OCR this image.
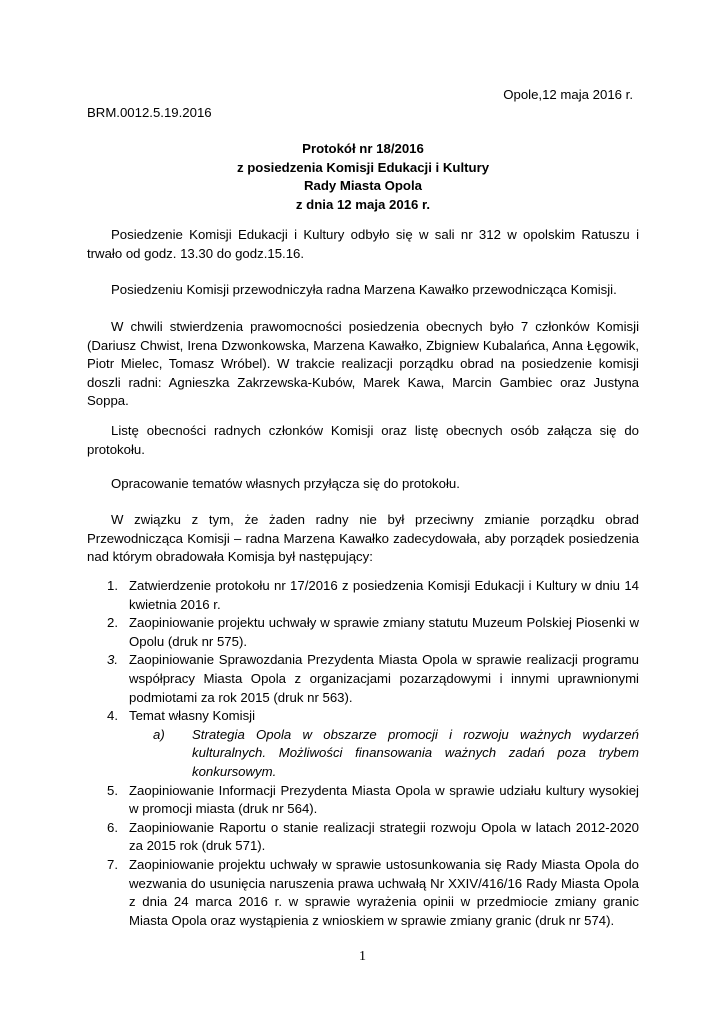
Opole,12 maja 2016 r.
BRM.0012.5.19.2016
Protokół nr 18/2016
z posiedzenia Komisji Edukacji i Kultury
Rady Miasta Opola
z dnia 12 maja 2016 r.

Posiedzenie Komisji Edukacji i Kultury odbyło się w sali nr 312 w opolskim Ratuszu i trwało od godz. 13.30 do godz.15.16.

Posiedzeniu Komisji przewodniczyła radna Marzena Kawałko przewodnicząca Komisji.

W chwili stwierdzenia prawomocności posiedzenia obecnych było 7 członków Komisji (Dariusz Chwist, Irena Dzwonkowska, Marzena Kawałko, Zbigniew Kubalańca, Anna Łęgowik, Piotr Mielec, Tomasz Wróbel). W trakcie realizacji porządku obrad na posiedzenie komisji doszli radni: Agnieszka Zakrzewska-Kubów, Marek Kawa, Marcin Gambiec oraz Justyna Soppa.

Listę obecności radnych członków Komisji oraz listę obecnych osób załącza się do protokołu.

Opracowanie tematów własnych przyłącza się do protokołu.

W związku z tym, że żaden radny nie był przeciwny zmianie porządku obrad Przewodnicząca Komisji – radna Marzena Kawałko zadecydowała, aby porządek posiedzenia nad którym obradowała Komisja był następujący:

1. Zatwierdzenie protokołu nr 17/2016 z posiedzenia Komisji Edukacji i Kultury w dniu 14 kwietnia 2016 r.
2. Zaopiniowanie projektu uchwały w sprawie zmiany statutu Muzeum Polskiej Piosenki w Opolu (druk nr 575).
3. Zaopiniowanie Sprawozdania Prezydenta Miasta Opola w sprawie realizacji programu współpracy Miasta Opola z organizacjami pozarządowymi i innymi uprawnionymi podmiotami za rok 2015 (druk nr 563).
4. Temat własny Komisji
a) Strategia Opola w obszarze promocji i rozwoju ważnych wydarzeń kulturalnych. Możliwości finansowania ważnych zadań poza trybem konkursowym.
5. Zaopiniowanie Informacji Prezydenta Miasta Opola w sprawie udziału kultury wysokiej w promocji miasta (druk nr 564).
6. Zaopiniowanie Raportu o stanie realizacji strategii rozwoju Opola w latach 2012-2020 za 2015 rok (druk 571).
7. Zaopiniowanie projektu uchwały w sprawie ustosunkowania się Rady Miasta Opola do wezwania do usunięcia naruszenia prawa uchwałą Nr XXIV/416/16 Rady Miasta Opola z dnia 24 marca 2016 r. w sprawie wyrażenia opinii w przedmiocie zmiany granic Miasta Opola oraz wystąpienia z wnioskiem w sprawie zmiany granic (druk nr 574).
1
